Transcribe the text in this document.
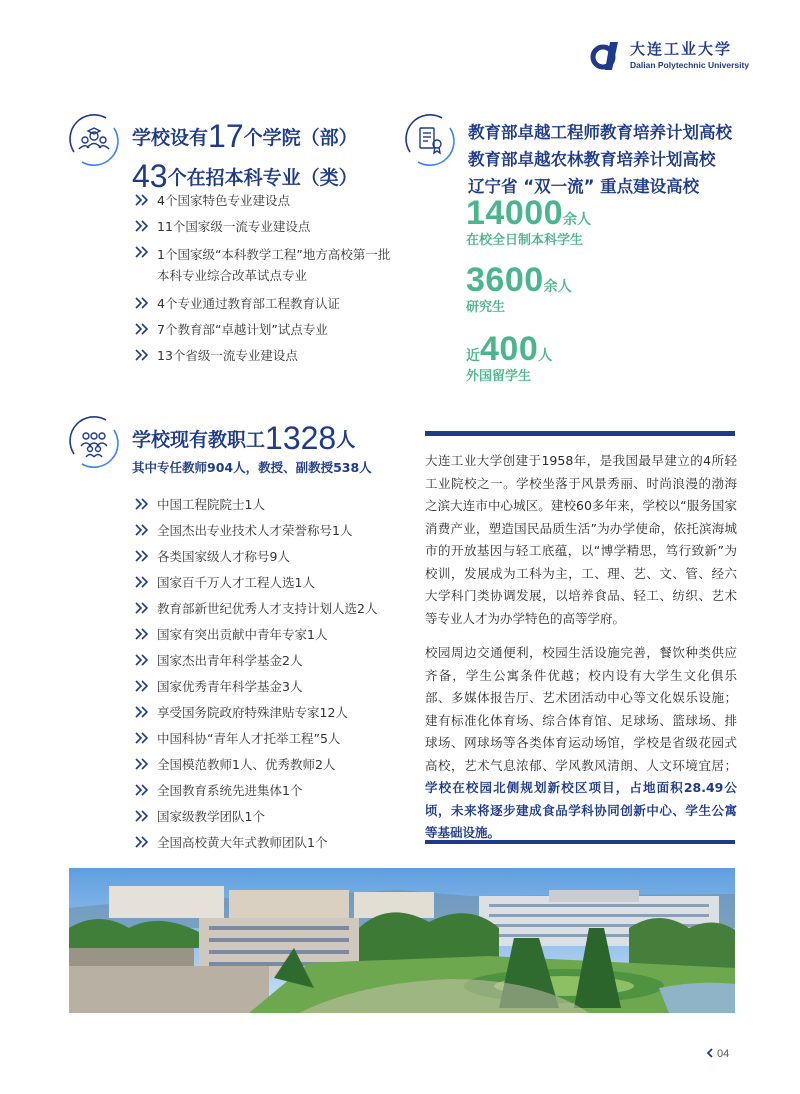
大连工业大学
Dalian Polytechnic University
学校设有17个学院（部）
43个在招本科专业（类）
4个国家特色专业建设点
11个国家级一流专业建设点
1个国家级“本科教学工程”地方高校第一批
本科专业综合改革试点专业
4个专业通过教育部工程教育认证
7个教育部“卓越计划”试点专业
13个省级一流专业建设点
教育部卓越工程师教育培养计划高校
教育部卓越农林教育培养计划高校
辽宁省 “双一流” 重点建设高校
14000余人
在校全日制本科学生
3600余人
研究生
近400人
外国留学生
学校现有教职工1328人
其中专任教师904人，教授、副教授538人
中国工程院院士1人
全国杰出专业技术人才荣誉称号1人
各类国家级人才称号9人
国家百千万人才工程人选1人
教育部新世纪优秀人才支持计划人选2人
国家有突出贡献中青年专家1人
国家杰出青年科学基金2人
国家优秀青年科学基金3人
享受国务院政府特殊津贴专家12人
中国科协“青年人才托举工程”5人
全国模范教师1人、优秀教师2人
全国教育系统先进集体1个
国家级教学团队1个
全国高校黄大年式教师团队1个

大连工业大学创建于1958年，是我国最早建立的4所轻工业院校之一。学校坐落于风景秀丽、时尚浪漫的渤海之滨大连市中心城区。建校60多年来，学校以“服务国家消费产业，塑造国民品质生活”为办学使命，依托滨海城市的开放基因与轻工底蕴，以“博学精思，笃行致新”为校训，发展成为工科为主，工、理、艺、文、管、经六大学科门类协调发展，以培养食品、轻工、纺织、艺术等专业人才为办学特色的高等学府。

校园周边交通便利，校园生活设施完善，餐饮种类供应齐备，学生公寓条件优越；校内设有大学生文化俱乐部、多媒体报告厅、艺术团活动中心等文化娱乐设施；建有标准化体育场、综合体育馆、足球场、篮球场、排球场、网球场等各类体育运动场馆，学校是省级花园式高校，艺术气息浓郁、学风教风清朗、人文环境宜居；学校在校园北侧规划新校区项目，占地面积28.49公顷，未来将逐步建成食品学科协同创新中心、学生公寓等基础设施。

04
